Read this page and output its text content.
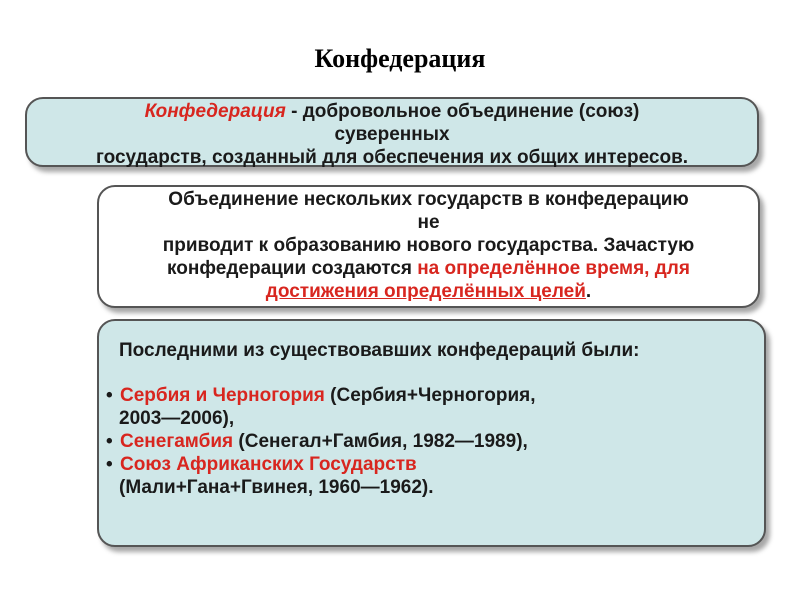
Конфедерация
Конфедерация - добровольное объединение (союз)
суверенных
государств, созданный для обеспечения их общих интересов.
Объединение нескольких государств в конфедерацию
не
приводит к образованию нового государства. Зачастую
конфедерации создаются на определённое время, для
достижения определённых целей.
Последними из существовавших конфедераций были:
• Сербия и Черногория (Сербия+Черногория,
2003—2006),
• Сенегамбия (Сенегал+Гамбия, 1982—1989),
• Союз Африканских Государств
(Мали+Гана+Гвинея, 1960—1962).
